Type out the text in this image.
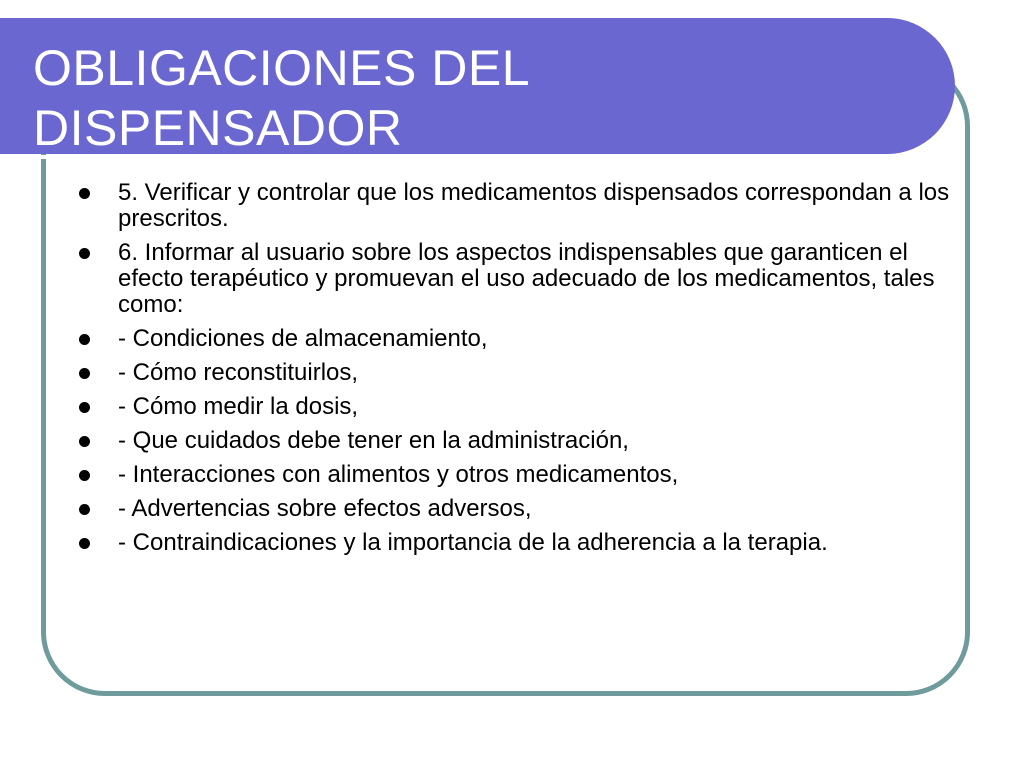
OBLIGACIONES DEL
DISPENSADOR
5. Verificar y controlar que los medicamentos dispensados correspondan a los prescritos.
6. Informar al usuario sobre los aspectos indispensables que garanticen el efecto terapéutico y promuevan el uso adecuado de los medicamentos, tales como:
- Condiciones de almacenamiento,
- Cómo reconstituirlos,
- Cómo medir la dosis,
- Que cuidados debe tener en la administración,
- Interacciones con alimentos y otros medicamentos,
- Advertencias sobre efectos adversos,
- Contraindicaciones y la importancia de la adherencia a la terapia.
